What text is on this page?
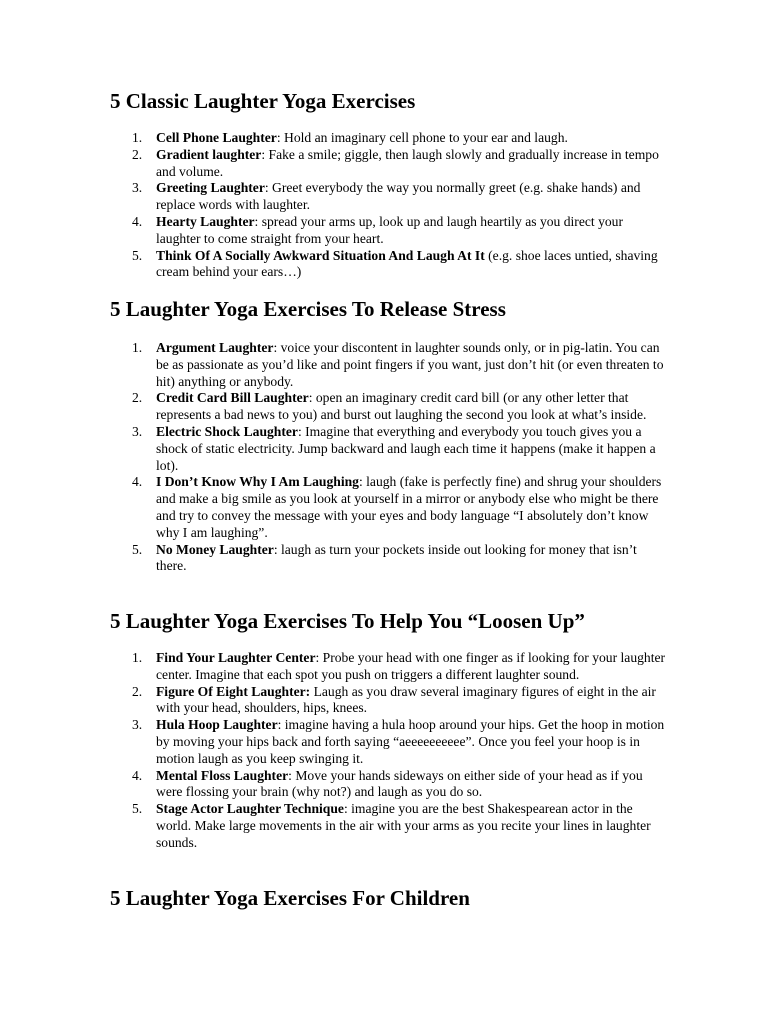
5 Classic Laughter Yoga Exercises
1. Cell Phone Laughter: Hold an imaginary cell phone to your ear and laugh.
2. Gradient laughter: Fake a smile; giggle, then laugh slowly and gradually increase in tempo and volume.
3. Greeting Laughter: Greet everybody the way you normally greet (e.g. shake hands) and replace words with laughter.
4. Hearty Laughter: spread your arms up, look up and laugh heartily as you direct your laughter to come straight from your heart.
5. Think Of A Socially Awkward Situation And Laugh At It (e.g. shoe laces untied, shaving cream behind your ears…)
5 Laughter Yoga Exercises To Release Stress
1. Argument Laughter: voice your discontent in laughter sounds only, or in pig-latin. You can be as passionate as you’d like and point fingers if you want, just don’t hit (or even threaten to hit) anything or anybody.
2. Credit Card Bill Laughter: open an imaginary credit card bill (or any other letter that represents a bad news to you) and burst out laughing the second you look at what’s inside.
3. Electric Shock Laughter: Imagine that everything and everybody you touch gives you a shock of static electricity. Jump backward and laugh each time it happens (make it happen a lot).
4. I Don’t Know Why I Am Laughing: laugh (fake is perfectly fine) and shrug your shoulders and make a big smile as you look at yourself in a mirror or anybody else who might be there and try to convey the message with your eyes and body language “I absolutely don’t know why I am laughing”.
5. No Money Laughter: laugh as turn your pockets inside out looking for money that isn’t there.
5 Laughter Yoga Exercises To Help You “Loosen Up”
1. Find Your Laughter Center: Probe your head with one finger as if looking for your laughter center. Imagine that each spot you push on triggers a different laughter sound.
2. Figure Of Eight Laughter: Laugh as you draw several imaginary figures of eight in the air with your head, shoulders, hips, knees.
3. Hula Hoop Laughter: imagine having a hula hoop around your hips. Get the hoop in motion by moving your hips back and forth saying “aeeeeeeeeee”. Once you feel your hoop is in motion laugh as you keep swinging it.
4. Mental Floss Laughter: Move your hands sideways on either side of your head as if you were flossing your brain (why not?) and laugh as you do so.
5. Stage Actor Laughter Technique: imagine you are the best Shakespearean actor in the world. Make large movements in the air with your arms as you recite your lines in laughter sounds.
5 Laughter Yoga Exercises For Children
